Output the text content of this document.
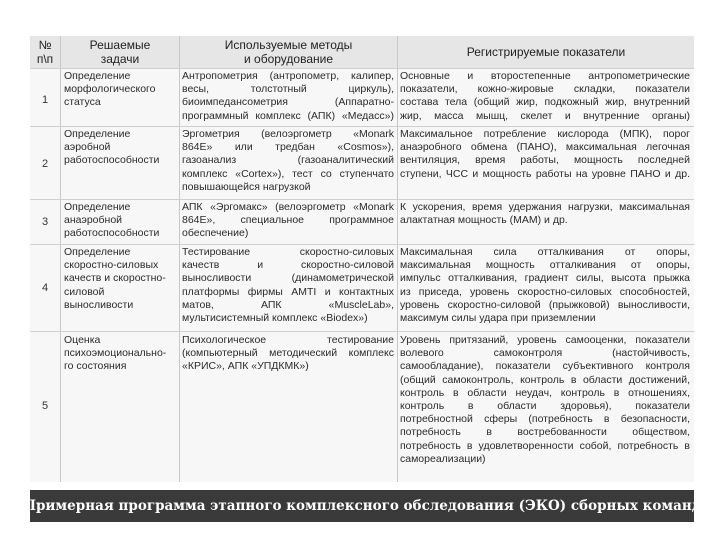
№
п\п
Решаемые
задачи
Используемые методы
и оборудование	Регистрируемые показатели
1
Определение
морфологического
статуса
Антропометрия (антропометр, калипер,
весы, толстотный циркуль),
биоимпедансометрия (Аппаратно-
программный комплекс (АПК) «Медасс»)
Основные и второстепенные антропометрические
показатели, кожно-жировые складки, показатели
состава тела (общий жир, подкожный жир, внутренний
жир, масса мышц, скелет и внутренние органы)
2
Определение
аэробной
работоспособности
Эргометрия (велоэргометр «Monark
864E» или тредбан «Cosmos»),
газоанализ (газоаналитический
комплекс «Cortex»), тест со ступенчато
повышающейся нагрузкой
Максимальное потребление кислорода (МПК), порог
анаэробного обмена (ПАНО), максимальная легочная
вентиляция, время работы, мощность последней
ступени, ЧСС и мощность работы на уровне ПАНО и др.
3
Определение
анаэробной
работоспособности
АПК «Эргомакс» (велоэргометр «Monark
864E», специальное программное
обеспечение)
К ускорения, время удержания нагрузки, максимальная
алактатная мощность (МАМ) и др.
4
Определение
скоростно-силовых
качеств и скоростно-
силовой
выносливости
Тестирование скоростно-силовых
качеств и скоростно-силовой
выносливости (динамометрической
платформы фирмы AMTI и контактных
матов, АПК «MuscleLab»,
мультисистемный комплекс «Biodex»)
Максимальная сила отталкивания от опоры,
максимальная мощность отталкивания от опоры,
импульс отталкивания, градиент силы, высота прыжка
из приседа, уровень скоростно-силовых способностей,
уровень скоростно-силовой (прыжковой) выносливости,
максимум силы удара при приземлении
5
Оценка
психоэмоционально-
го состояния
Психологическое тестирование
(компьютерный методический комплекс
«КРИС», АПК «УПДКМК»)
Уровень притязаний, уровень самооценки, показатели
волевого самоконтроля (настойчивость,
самообладание), показатели субъективного контроля
(общий самоконтроль, контроль в области достижений,
контроль в области неудач, контроль в отношениях,
контроль в области здоровья), показатели
потребностной сферы (потребность в безопасности,
потребность в востребованности обществом,
потребность в удовлетворенности собой, потребность в
самореализации)
Примерная программа этапного комплексного обследования (ЭКО) сборных команд
